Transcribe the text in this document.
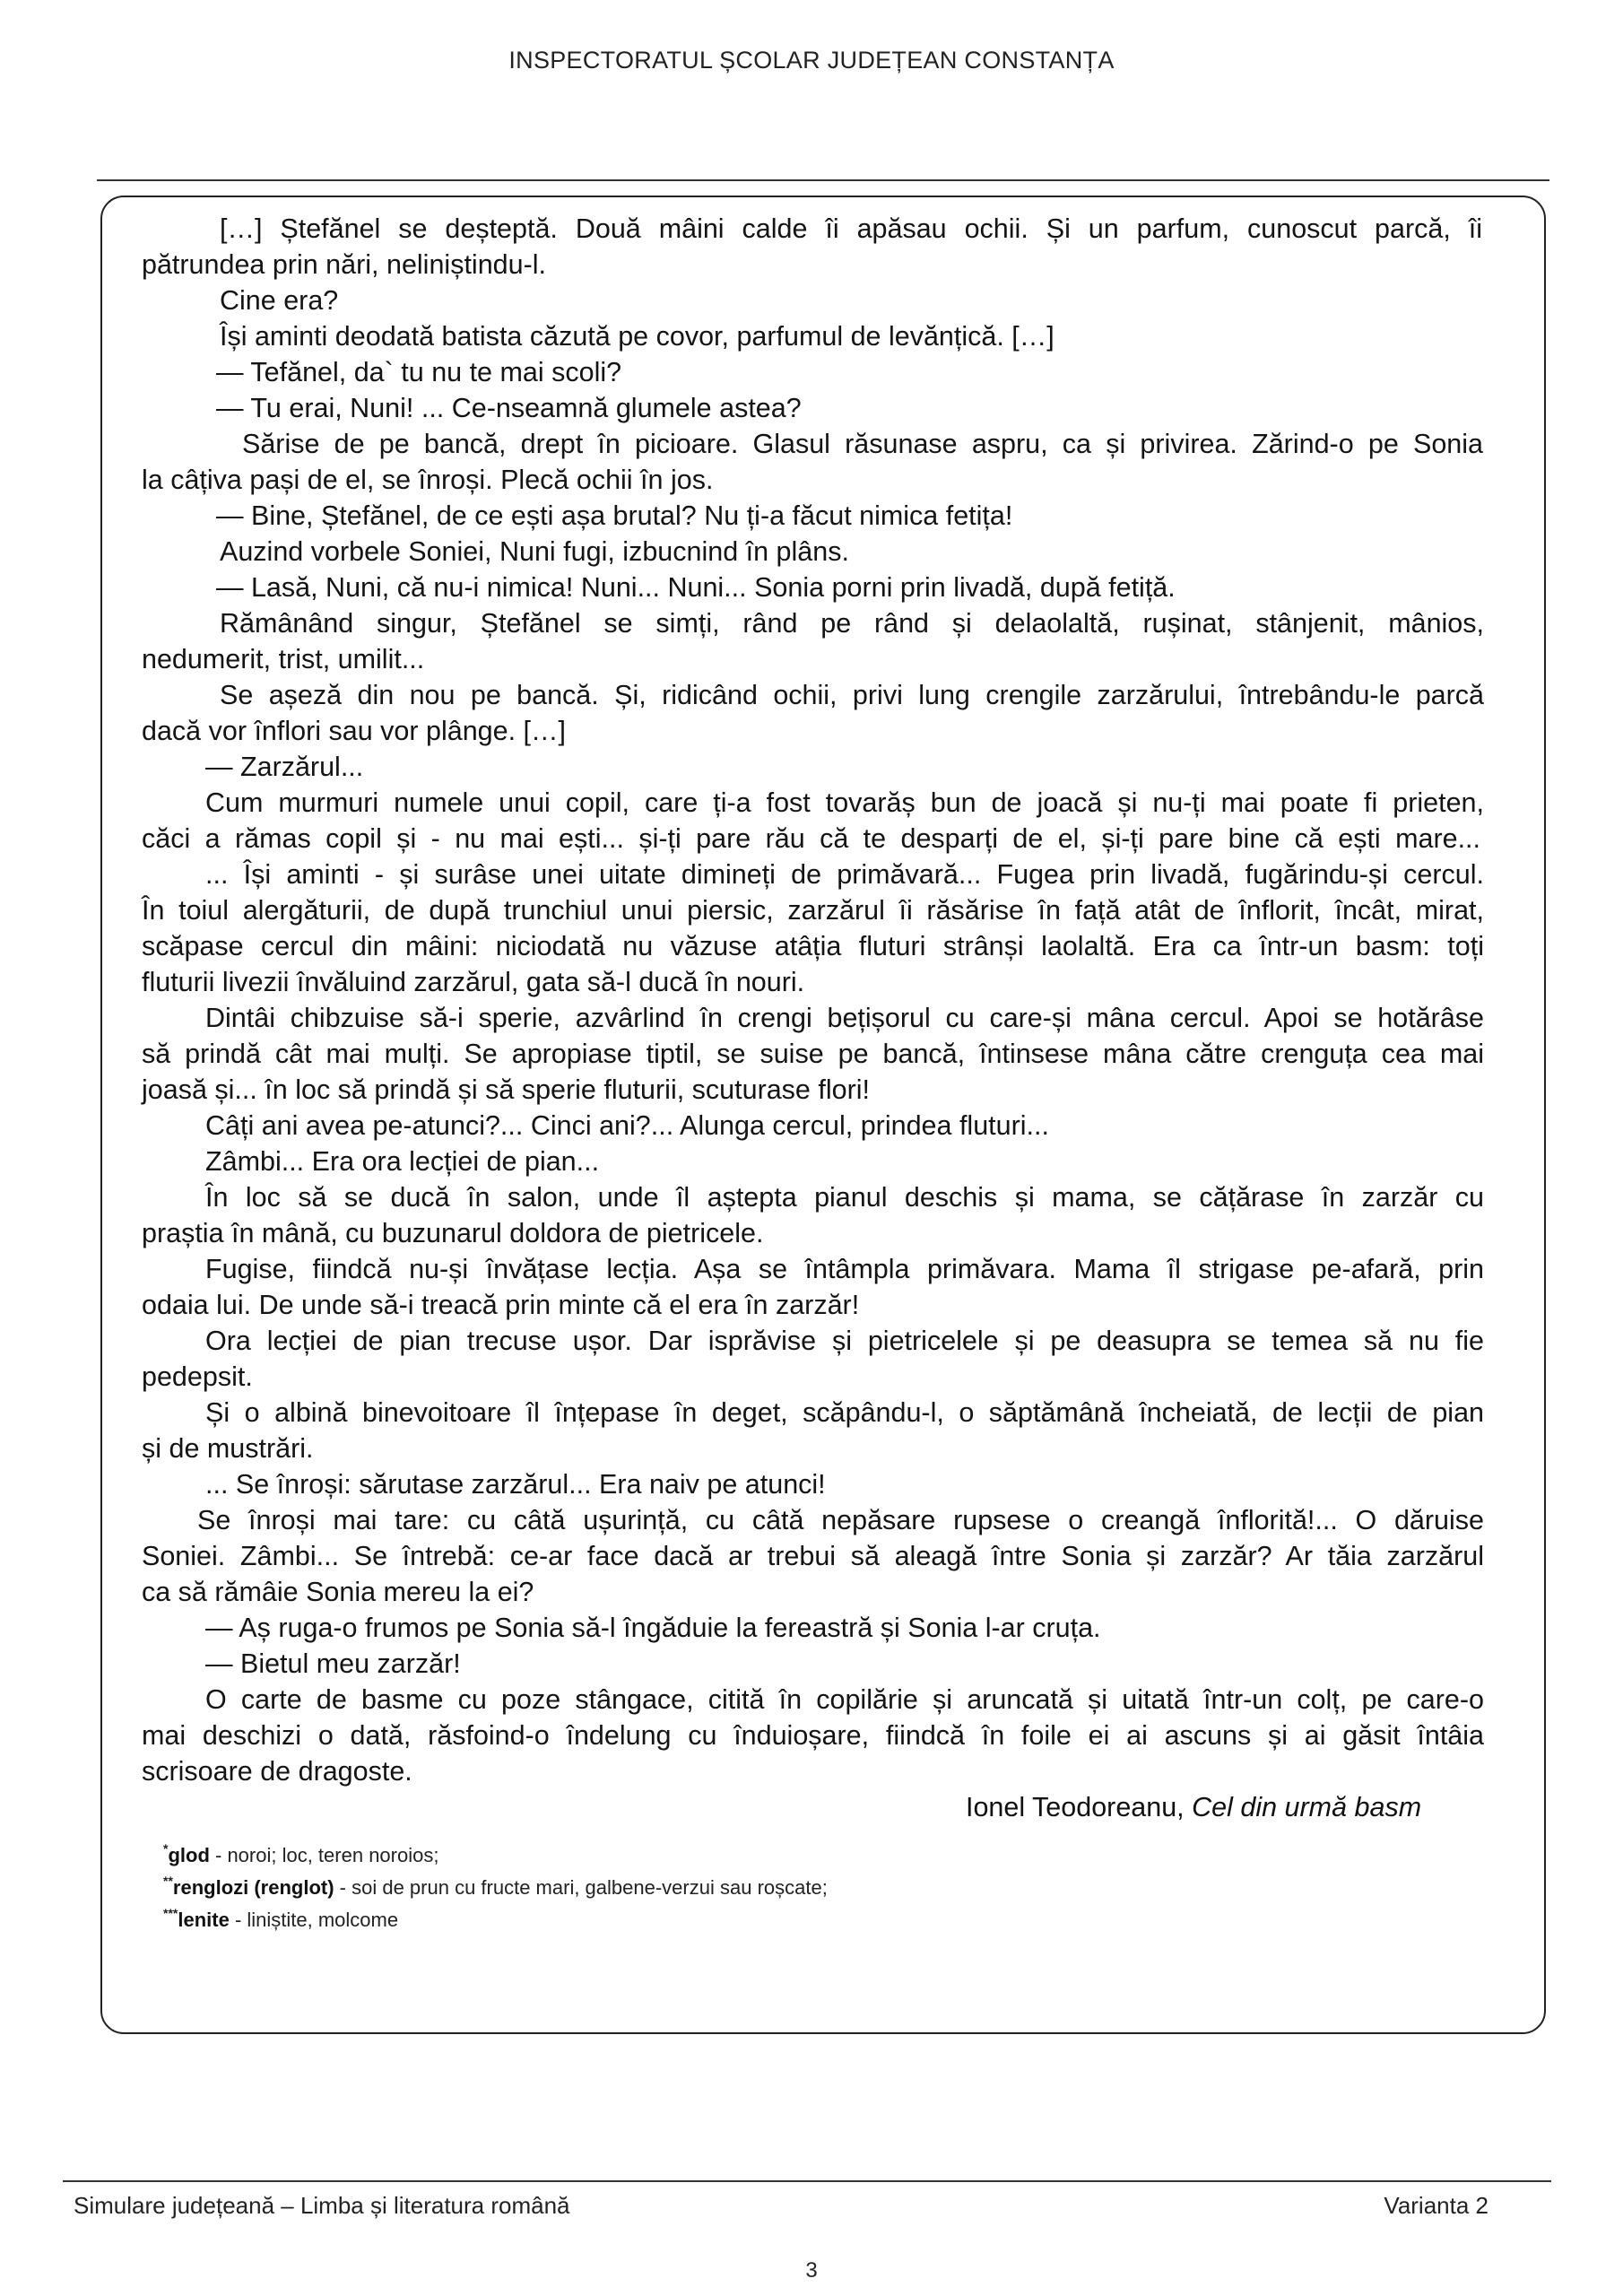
INSPECTORATUL ȘCOLAR JUDEȚEAN CONSTANȚA
[…] Ștefănel se deșteptă. Două mâini calde îi apăsau ochii. Și un parfum, cunoscut parcă, îi
pătrundea prin nări, neliniștindu-l.
Cine era?
Își aminti deodată batista căzută pe covor, parfumul de levănțică. […]
— Tefănel, da` tu nu te mai scoli?
— Tu erai, Nuni! ... Ce-nseamnă glumele astea?
Sărise de pe bancă, drept în picioare. Glasul răsunase aspru, ca și privirea. Zărind-o pe Sonia
la câțiva pași de el, se înroși. Plecă ochii în jos.
— Bine, Ștefănel, de ce ești așa brutal? Nu ți-a făcut nimica fetița!
Auzind vorbele Soniei, Nuni fugi, izbucnind în plâns.
— Lasă, Nuni, că nu-i nimica! Nuni... Nuni... Sonia porni prin livadă, după fetiță.
Rămânând singur, Ștefănel se simți, rând pe rând și delaolaltă, rușinat, stânjenit, mânios,
nedumerit, trist, umilit...
Se așeză din nou pe bancă. Și, ridicând ochii, privi lung crengile zarzărului, întrebându-le parcă
dacă vor înflori sau vor plânge. […]
— Zarzărul...
Cum murmuri numele unui copil, care ți-a fost tovarăș bun de joacă și nu-ți mai poate fi prieten,
căci a rămas copil și - nu mai ești... și-ți pare rău că te desparți de el, și-ți pare bine că ești mare...
... Își aminti - și surâse unei uitate dimineți de primăvară... Fugea prin livadă, fugărindu-și cercul.
În toiul alergăturii, de după trunchiul unui piersic, zarzărul îi răsărise în față atât de înflorit, încât, mirat,
scăpase cercul din mâini: niciodată nu văzuse atâția fluturi strânși laolaltă. Era ca într-un basm: toți
fluturii livezii învăluind zarzărul, gata să-l ducă în nouri.
Dintâi chibzuise să-i sperie, azvârlind în crengi bețișorul cu care-și mâna cercul. Apoi se hotărâse
să prindă cât mai mulți. Se apropiase tiptil, se suise pe bancă, întinsese mâna către crenguța cea mai
joasă și... în loc să prindă și să sperie fluturii, scuturase flori!
Câți ani avea pe-atunci?... Cinci ani?... Alunga cercul, prindea fluturi...
Zâmbi... Era ora lecției de pian...
În loc să se ducă în salon, unde îl aștepta pianul deschis și mama, se cățărase în zarzăr cu
praștia în mână, cu buzunarul doldora de pietricele.
Fugise, fiindcă nu-și învățase lecția. Așa se întâmpla primăvara. Mama îl strigase pe-afară, prin
odaia lui. De unde să-i treacă prin minte că el era în zarzăr!
Ora lecției de pian trecuse ușor. Dar isprăvise și pietricelele și pe deasupra se temea să nu fie
pedepsit.
Și o albină binevoitoare îl înțepase în deget, scăpându-l, o săptămână încheiată, de lecții de pian
și de mustrări.
... Se înroși: sărutase zarzărul... Era naiv pe atunci!
Se înroși mai tare: cu câtă ușurință, cu câtă nepăsare rupsese o creangă înflorită!... O dăruise
Soniei. Zâmbi... Se întrebă: ce-ar face dacă ar trebui să aleagă între Sonia și zarzăr? Ar tăia zarzărul
ca să rămâie Sonia mereu la ei?
— Aș ruga-o frumos pe Sonia să-l îngăduie la fereastră și Sonia l-ar cruța.
— Bietul meu zarzăr!
O carte de basme cu poze stângace, citită în copilărie și aruncată și uitată într-un colț, pe care-o
mai deschizi o dată, răsfoind-o îndelung cu înduioșare, fiindcă în foile ei ai ascuns și ai găsit întâia
scrisoare de dragoste.
Ionel Teodoreanu, Cel din urmă basm
*glod - noroi; loc, teren noroios;
**renglozi (renglot) - soi de prun cu fructe mari, galbene-verzui sau roșcate;
***lenite - liniștite, molcome
Simulare județeană – Limba și literatura română	Varianta 2
3
